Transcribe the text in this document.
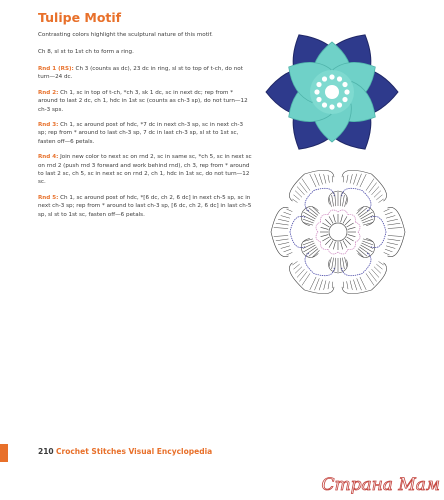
Tulipe Motif

Contrasting colors highlight the sculptural nature of this motif.

Ch 8, sl st to 1st ch to form a ring.

Rnd 1 (RS): Ch 3 (counts as dc), 23 dc in ring, sl st to top of t-ch, do not turn—24 dc.

Rnd 2: Ch 1, sc in top of t-ch, *ch 3, sk 1 dc, sc in next dc; rep from * around to last 2 dc, ch 1, hdc in 1st sc (counts as ch-3 sp), do not turn—12 ch-3 sps.

Rnd 3: Ch 1, sc around post of hdc, *7 dc in next ch-3 sp, sc in next ch-3 sp; rep from * around to last ch-3 sp, 7 dc in last ch-3 sp, sl st to 1st sc, fasten off—6 petals.

Rnd 4: Join new color to next sc on rnd 2, sc in same sc, *ch 5, sc in next sc on rnd 2 (push rnd 3 forward and work behind rnd), ch 3, rep from * around to last 2 sc, ch 5, sc in next sc on rnd 2, ch 1, hdc in 1st sc, do not turn—12 sc.

Rnd 5: Ch 1, sc around post of hdc, *[6 dc, ch 2, 6 dc] in next ch-5 sp, sc in next ch-3 sp; rep from * around to last ch-3 sp, [6 dc, ch 2, 6 dc] in last ch-5 sp, sl st to 1st sc, fasten off—6 petals.

210 Crochet Stitches Visual Encyclopedia
Страна Мам
